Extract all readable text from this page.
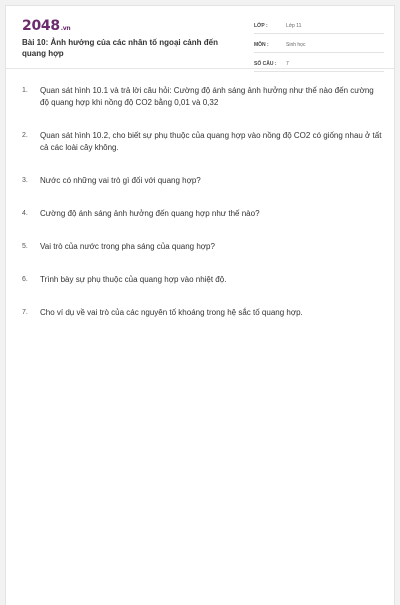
2048.vn
Bài 10: Ảnh hưởng của các nhân tố ngoại cảnh đến quang hợp
LỚP :	Lớp 11
MÔN :	Sinh học
SỐ CÂU :	7
1.	Quan sát hình 10.1 và trả lời câu hỏi: Cường độ ánh sáng ảnh hưởng như thế nào đến cường độ quang hợp khi nồng độ CO2 bằng 0,01 và 0,32
2.	Quan sát hình 10.2, cho biết sự phụ thuộc của quang hợp vào nồng độ CO2 có giống nhau ở tất cả các loài cây không.
3.	Nước có những vai trò gì đối với quang hợp?
4.	Cường độ ánh sáng ảnh hưởng đến quang hợp như thế nào?
5.	Vai trò của nước trong pha sáng của quang hợp?
6.	Trình bày sự phụ thuộc của quang hợp vào nhiệt độ.
7.	Cho ví dụ về vai trò của các nguyên tố khoáng trong hệ sắc tố quang hợp.
